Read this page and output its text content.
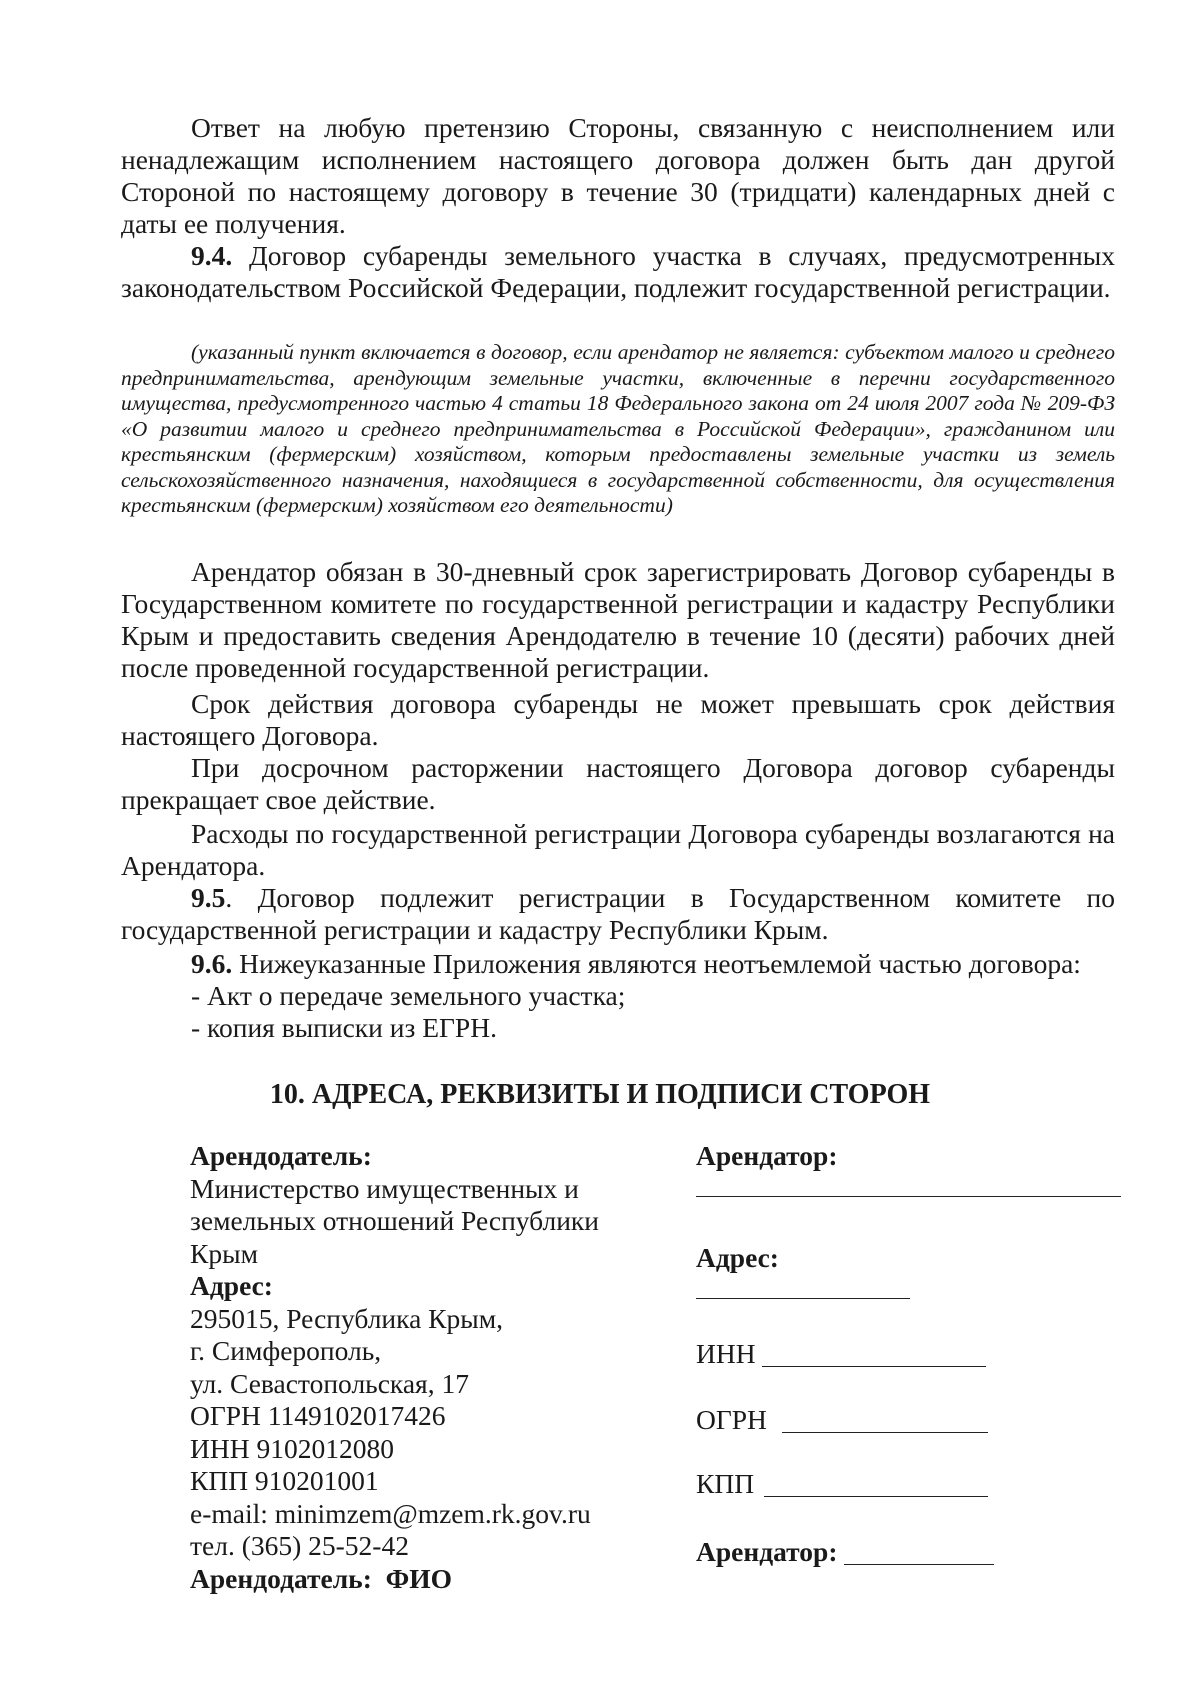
Ответ на любую претензию Стороны, связанную с неисполнением или ненадлежащим исполнением настоящего договора должен быть дан другой Стороной по настоящему договору в течение 30 (тридцати) календарных дней с даты ее получения.

9.4. Договор субаренды земельного участка в случаях, предусмотренных законодательством Российской Федерации, подлежит государственной регистрации.

(указанный пункт включается в договор, если арендатор не является: субъектом малого и среднего предпринимательства, арендующим земельные участки, включенные в перечни государственного имущества, предусмотренного частью 4 статьи 18 Федерального закона от 24 июля 2007 года № 209-ФЗ «О развитии малого и среднего предпринимательства в Российской Федерации», гражданином или крестьянским (фермерским) хозяйством, которым предоставлены земельные участки из земель сельскохозяйственного назначения, находящиеся в государственной собственности, для осуществления крестьянским (фермерским) хозяйством его деятельности)

Арендатор обязан в 30-дневный срок зарегистрировать Договор субаренды в Государственном комитете по государственной регистрации и кадастру Республики Крым и предоставить сведения Арендодателю в течение 10 (десяти) рабочих дней после проведенной государственной регистрации.

Срок действия договора субаренды не может превышать срок действия настоящего Договора.

При досрочном расторжении настоящего Договора договор субаренды прекращает свое действие.

Расходы по государственной регистрации Договора субаренды возлагаются на Арендатора.

9.5. Договор подлежит регистрации в Государственном комитете по государственной регистрации и кадастру Республики Крым.

9.6. Нижеуказанные Приложения являются неотъемлемой частью договора:

- Акт о передаче земельного участка;

- копия выписки из ЕГРН.

10. АДРЕСА, РЕКВИЗИТЫ И ПОДПИСИ СТОРОН
Арендодатель:
Министерство имущественных и
земельных отношений Республики
Крым
Адрес:
295015, Республика Крым,
г. Симферополь,
ул. Севастопольская, 17
ОГРН 1149102017426
ИНН 9102012080
КПП 910201001
e-mail: minimzem@mzem.rk.gov.ru
тел. (365) 25-52-42
Арендодатель:  ФИО
Арендатор:
Адрес:
ИНН
ОГРН
КПП
Арендатор:
